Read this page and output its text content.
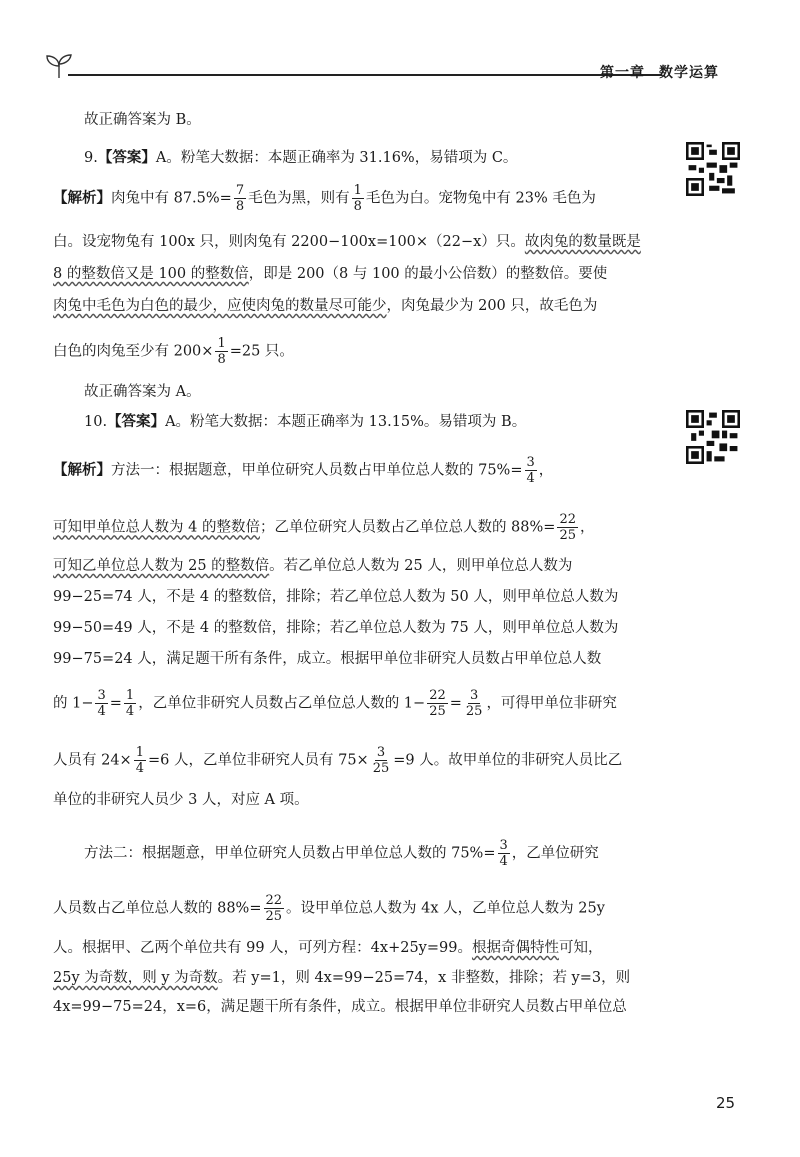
第一章 数学运算
故正确答案为 B。
9.【答案】A。粉笔大数据：本题正确率为 31.16%，易错项为 C。
【解析】肉兔中有 $87.5\%= \frac{7}{8}$ 毛色为黑，则有 $\frac{1}{8}$ 毛色为白。宠物兔中有 23% 毛色为
白。设宠物兔有 100x 只，则肉兔有 2200−100x=100×（22−x）只。故肉兔的数量既是
8 的整数倍又是 100 的整数倍，即是 200（8 与 100 的最小公倍数）的整数倍。要使
肉兔中毛色为白色的最少，应使肉兔的数量尽可能少，肉兔最少为 200 只，故毛色为
白色的肉兔至少有 $200\times \frac{1}{8} =25$ 只。
故正确答案为 A。
10.【答案】A。粉笔大数据：本题正确率为 13.15%。易错项为 B。
【解析】方法一：根据题意，甲单位研究人员数占甲单位总人数的 $75\%= \frac{3}{4}$ ，
可知甲单位总人数为 4 的整数倍；乙单位研究人员数占乙单位总人数的 $88\%= \frac{22}{25}$ ，
可知乙单位总人数为 25 的整数倍。若乙单位总人数为 25 人，则甲单位总人数为
99−25=74 人，不是 4 的整数倍，排除；若乙单位总人数为 50 人，则甲单位总人数为
99−50=49 人，不是 4 的整数倍，排除；若乙单位总人数为 75 人，则甲单位总人数为
99−75=24 人，满足题干所有条件，成立。根据甲单位非研究人员数占甲单位总人数
的 $1- \frac{3}{4} = \frac{1}{4}$ ，乙单位非研究人员数占乙单位总人数的 $1- \frac{22}{25} = \frac{3}{25}$ ，可得甲单位非研究
人员有 $24\times \frac{1}{4} =6$ 人，乙单位非研究人员有 $75\times \frac{3}{25} =9$ 人。故甲单位的非研究人员比乙
单位的非研究人员少 3 人，对应 A 项。
方法二：根据题意，甲单位研究人员数占甲单位总人数的 $75\%= \frac{3}{4}$ ，乙单位研究
人员数占乙单位总人数的 $88\%= \frac{22}{25}$ 。设甲单位总人数为 4x 人，乙单位总人数为 25y
人。根据甲、乙两个单位共有 99 人，可列方程：4x+25y=99。根据奇偶特性可知，
25y 为奇数，则 y 为奇数。若 y=1，则 4x=99−25=74，x 非整数，排除；若 y=3，则
4x=99−75=24，x=6，满足题干所有条件，成立。根据甲单位非研究人员数占甲单位总
25
